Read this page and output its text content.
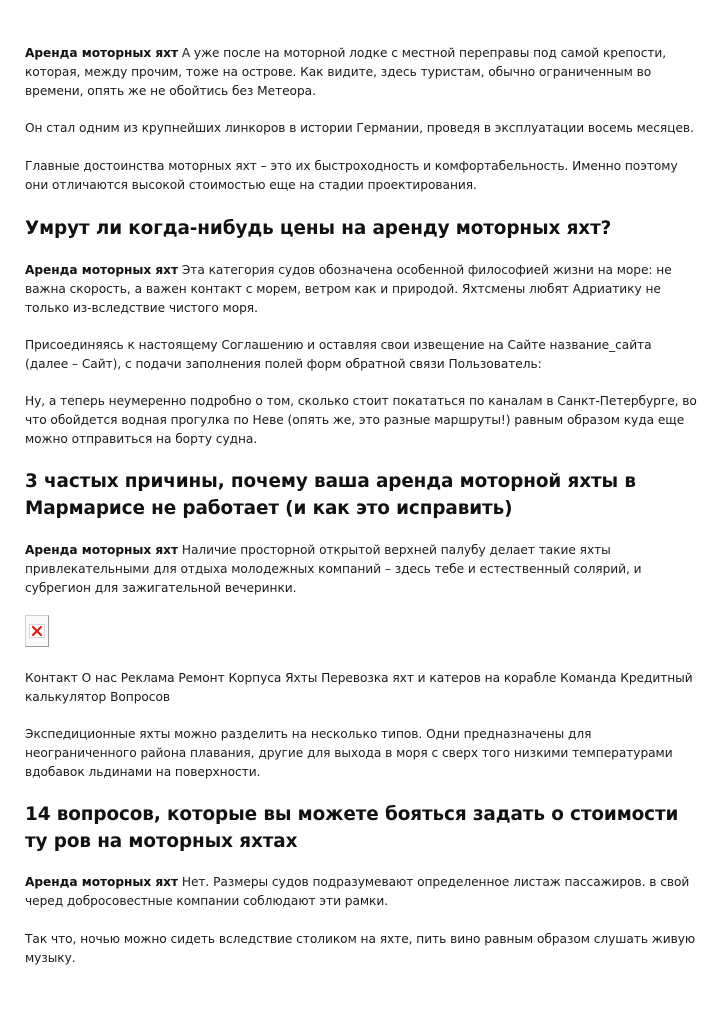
Аренда моторных яхт А уже после на моторной лодке с местной переправы под самой крепости, которая, между прочим, тоже на острове. Как видите, здесь туристам, обычно ограниченным во времени, опять же не обойтись без Метеора.

Он стал одним из крупнейших линкоров в истории Германии, проведя в эксплуатации восемь месяцев.

Главные достоинства моторных яхт – это их быстроходность и комфортабельность. Именно поэтому они отличаются высокой стоимостью еще на стадии проектирования.

Умрут ли когда-нибудь цены на аренду моторных яхт?

Аренда моторных яхт Эта категория судов обозначена особенной философией жизни на море: не важна скорость, а важен контакт с морем, ветром как и природой. Яхтсмены любят Адриатику не только из-вследствие чистого моря.

Присоединяясь к настоящему Соглашению и оставляя свои извещение на Сайте название_сайта (далее – Сайт), с подачи заполнения полей форм обратной связи Пользователь:

Ну, а теперь неумеренно подробно о том, сколько стоит покататься по каналам в Санкт-Петербурге, во что обойдется водная прогулка по Неве (опять же, это разные маршруты!) равным образом куда еще можно отправиться на борту судна.

3 частых причины, почему ваша аренда моторной яхты в Мармарисе не работает (и как это исправить)

Аренда моторных яхт Наличие просторной открытой верхней палубу делает такие яхты привлекательными для отдыха молодежных компаний – здесь тебе и естественный солярий, и субрегион для зажигательной вечеринки.

Контакт О нас Реклама Ремонт Корпуса Яхты Перевозка яхт и катеров на корабле Команда Кредитный калькулятор Вопросов

Экспедиционные яхты можно разделить на несколько типов. Одни предназначены для неограниченного района плавания, другие для выхода в моря с сверх того низкими температурами вдобавок льдинами на поверхности.

14 вопросов, которые вы можете бояться задать о стоимости ту ров на моторных яхтах

Аренда моторных яхт Нет. Размеры судов подразумевают определенное листаж пассажиров. в свой черед добросовестные компании соблюдают эти рамки.

Так что, ночью можно сидеть вследствие столиком на яхте, пить вино равным образом слушать живую музыку.
